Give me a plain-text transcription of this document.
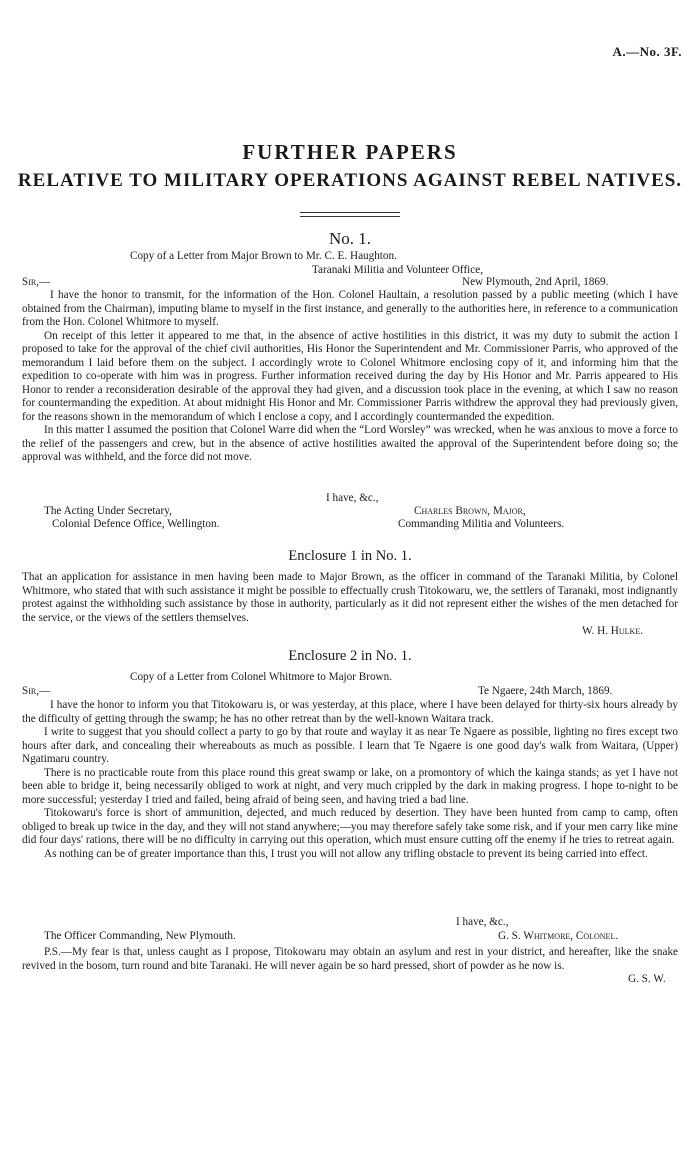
A.—No. 3F.
FURTHER PAPERS
RELATIVE TO MILITARY OPERATIONS AGAINST REBEL NATIVES.
No. 1.
Copy of a Letter from Major Brown to Mr. C. E. Haughton.
Taranaki Militia and Volunteer Office,
Sir,—	New Plymouth, 2nd April, 1869.

I have the honor to transmit, for the information of the Hon. Colonel Haultain, a resolution passed by a public meeting (which I have obtained from the Chairman), imputing blame to myself in the first instance, and generally to the authorities here, in reference to a communication from the Hon. Colonel Whitmore to myself.

On receipt of this letter it appeared to me that, in the absence of active hostilities in this district, it was my duty to submit the action I proposed to take for the approval of the chief civil authorities, His Honor the Superintendent and Mr. Commissioner Parris, who approved of the memorandum I laid before them on the subject. I accordingly wrote to Colonel Whitmore enclosing copy of it, and informing him that the expedition to co-operate with him was in progress. Further information received during the day by His Honor and Mr. Parris appeared to His Honor to render a reconsideration desirable of the approval they had given, and a discussion took place in the evening, at which I saw no reason for countermanding the expedition. At about midnight His Honor and Mr. Commissioner Parris withdrew the approval they had previously given, for the reasons shown in the memorandum of which I enclose a copy, and I accordingly countermanded the expedition.

In this matter I assumed the position that Colonel Warre did when the “Lord Worsley” was wrecked, when he was anxious to move a force to the relief of the passengers and crew, but in the absence of active hostilities awaited the approval of the Superintendent before doing so; the approval was withheld, and the force did not move.

I have, &c.,
The Acting Under Secretary,	Charles Brown, Major,
Colonial Defence Office, Wellington.	Commanding Militia and Volunteers.
Enclosure 1 in No. 1.

That an application for assistance in men having been made to Major Brown, as the officer in command of the Taranaki Militia, by Colonel Whitmore, who stated that with such assistance it might be possible to effectually crush Titokowaru, we, the settlers of Taranaki, most indignantly protest against the withholding such assistance by those in authority, particularly as it did not represent either the wishes of the men detached for the service, or the views of the settlers themselves.

W. H. Hulke.
Enclosure 2 in No. 1.
Copy of a Letter from Colonel Whitmore to Major Brown.
Sir,—	Te Ngaere, 24th March, 1869.

I have the honor to inform you that Titokowaru is, or was yesterday, at this place, where I have been delayed for thirty-six hours already by the difficulty of getting through the swamp; he has no other retreat than by the well-known Waitara track.

I write to suggest that you should collect a party to go by that route and waylay it as near Te Ngaere as possible, lighting no fires except two hours after dark, and concealing their whereabouts as much as possible. I learn that Te Ngaere is one good day's walk from Waitara, (Upper) Ngatimaru country.

There is no practicable route from this place round this great swamp or lake, on a promontory of which the kainga stands; as yet I have not been able to bridge it, being necessarily obliged to work at night, and very much crippled by the dark in making progress. I hope to-night to be more successful; yesterday I tried and failed, being afraid of being seen, and having tried a bad line.

Titokowaru's force is short of ammunition, dejected, and much reduced by desertion. They have been hunted from camp to camp, often obliged to break up twice in the day, and they will not stand anywhere;—you may therefore safely take some risk, and if your men carry like mine did four days' rations, there will be no difficulty in carrying out this operation, which must ensure cutting off the enemy if he tries to retreat again.

As nothing can be of greater importance than this, I trust you will not allow any trifling obstacle to prevent its being carried into effect.

I have, &c.,
The Officer Commanding, New Plymouth.	G. S. Whitmore, Colonel.

P.S.—My fear is that, unless caught as I propose, Titokowaru may obtain an asylum and rest in your district, and hereafter, like the snake revived in the bosom, turn round and bite Taranaki. He will never again be so hard pressed, short of powder as he now is.

G. S. W.
